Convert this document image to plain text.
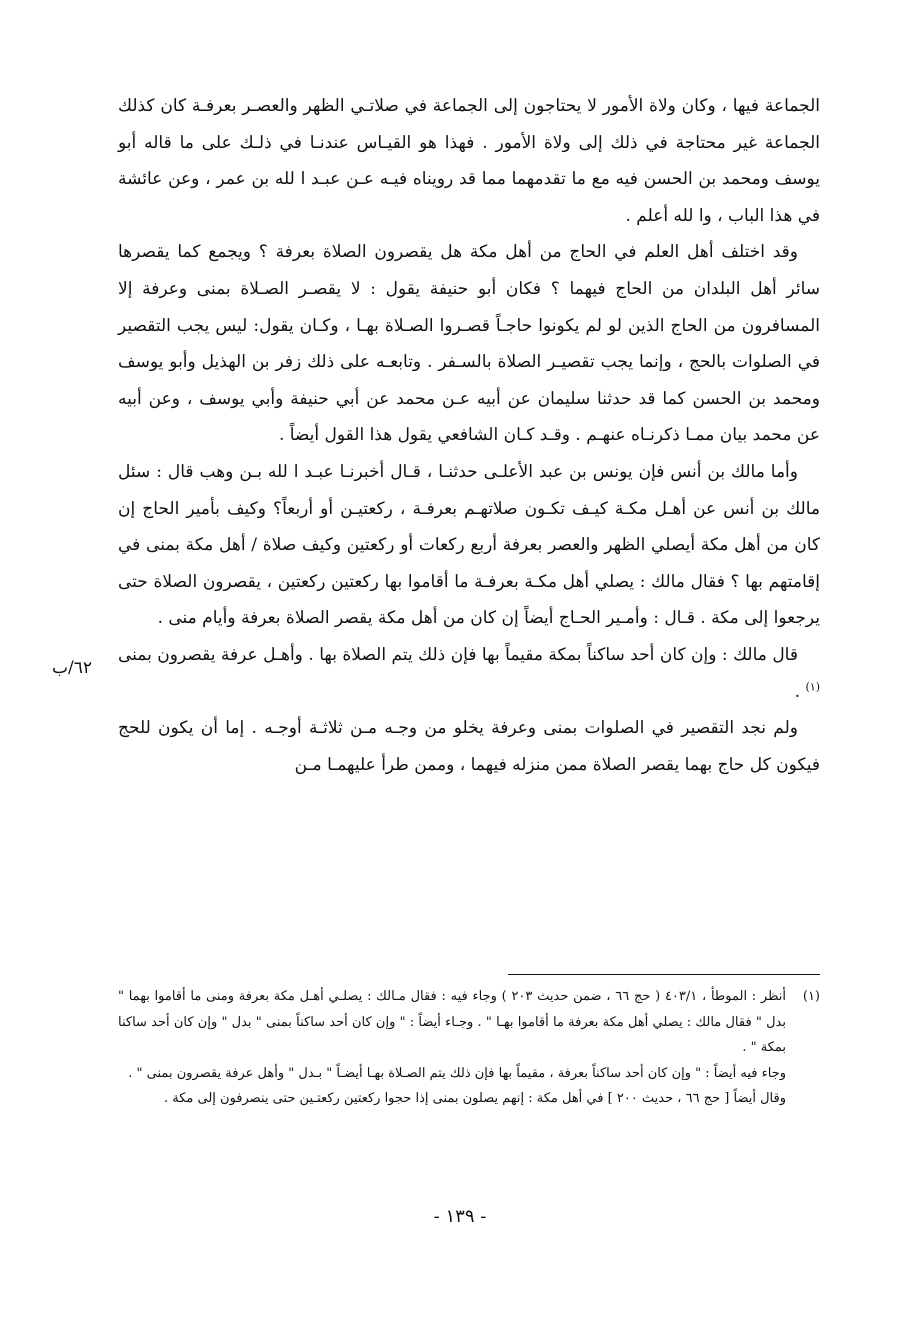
الجماعة فيها ، وكان ولاة الأمور لا يحتاجون إلى الجماعة في صلاتـي الظهر والعصـر بعرفـة كان كذلك الجماعة غير محتاجة في ذلك إلى ولاة الأمور . فهذا هو القيـاس عندنـا في ذلـك على ما قاله أبو يوسف ومحمد بن الحسن فيه مع ما تقدمهما مما قد رويناه فيـه عـن عبـد ا لله بن عمر ، وعن عائشة في هذا الباب ، وا لله أعلم .

وقد اختلف أهل العلم في الحاج من أهل مكة هل يقصرون الصلاة بعرفة ؟ ويجمع كما يقصرها سائر أهل البلدان من الحاج فيهما ؟ فكان أبو حنيفة يقول : لا يقصـر الصـلاة بمنى وعرفة إلا المسافرون من الحاج الذين لو لم يكونوا حاجـاً قصـروا الصـلاة بهـا ، وكـان يقول: ليس يجب التقصير في الصلوات بالحج ، وإنما يجب تقصيـر الصلاة بالسـفر . وتابعـه على ذلك زفر بن الهذيل وأبو يوسف ومحمد بن الحسن كما قد حدثنا سليمان عن أبيه عـن محمد عن أبي حنيفة وأبي يوسف ، وعن أبيه عن محمد بيان ممـا ذكرنـاه عنهـم . وقـد كـان الشافعي يقول هذا القول أيضاً .

وأما مالك بن أنس فإن يونس بن عبد الأعلـى حدثنـا ، قـال أخبرنـا عبـد ا لله بـن وهب قال : سئل مالك بن أنس عن أهـل مكـة كيـف تكـون صلاتهـم بعرفـة ، ركعتيـن أو أربعاً؟ وكيف بأمير الحاج إن كان من أهل مكة أيصلي الظهر والعصر بعرفة أربع ركعات أو ركعتين وكيف صلاة / أهل مكة بمنى في إقامتهم بها ؟ فقال مالك : يصلي أهل مكـة بعرفـة ما أقاموا بها ركعتين ركعتين ، يقصرون الصلاة حتى يرجعوا إلى مكة . قـال : وأمـير الحـاج أيضاً إن كان من أهل مكة يقصر الصلاة بعرفة وأيام منى .

قال مالك : وإن كان أحد ساكناً بمكة مقيماً بها فإن ذلك يتم الصلاة بها . وأهـل عرفة يقصرون بمنى $^{(١)}$ .

ولم نجد التقصير في الصلوات بمنى وعرفة يخلو من وجـه مـن ثلاثـة أوجـه . إما أن يكون للحج فيكون كل حاج بهما يقصر الصلاة ممن منزله فيهما ، وممن طرأ عليهمـا مـن

٦٢/ب
(١)

أنظر : الموطأ ، ٤٠٣/١ ( حج ٦٦ ، ضمن حديث ٢٠٣ ) وجاء فيه : فقال مـالك : يصلـي أهـل مكة بعرفة ومنى ما أقاموا بهما " بدل " فقال مالك : يصلي أهل مكة بعرفة ما أقاموا بهـا " . وجـاء أيضاً : " وإن كان أحد ساكناً بمنى " بدل " وإن كان أحد ساكنا بمكة " .

وجاء فيه أيضاً : " وإن كان أحد ساكناً بعرفة ، مقيماً بها فإن ذلك يتم الصـلاة بهـا أيضـاً " بـدل " وأهل عرفة يقصرون بمنى " .

وقال أيضاً [ حج ٦٦ ، حديث ٢٠٠ ] في أهل مكة : إنهم يصلون بمنى إذا حجوا ركعتين ركعتـين حتى ينصرفون إلى مكة .

- ١٣٩ -
